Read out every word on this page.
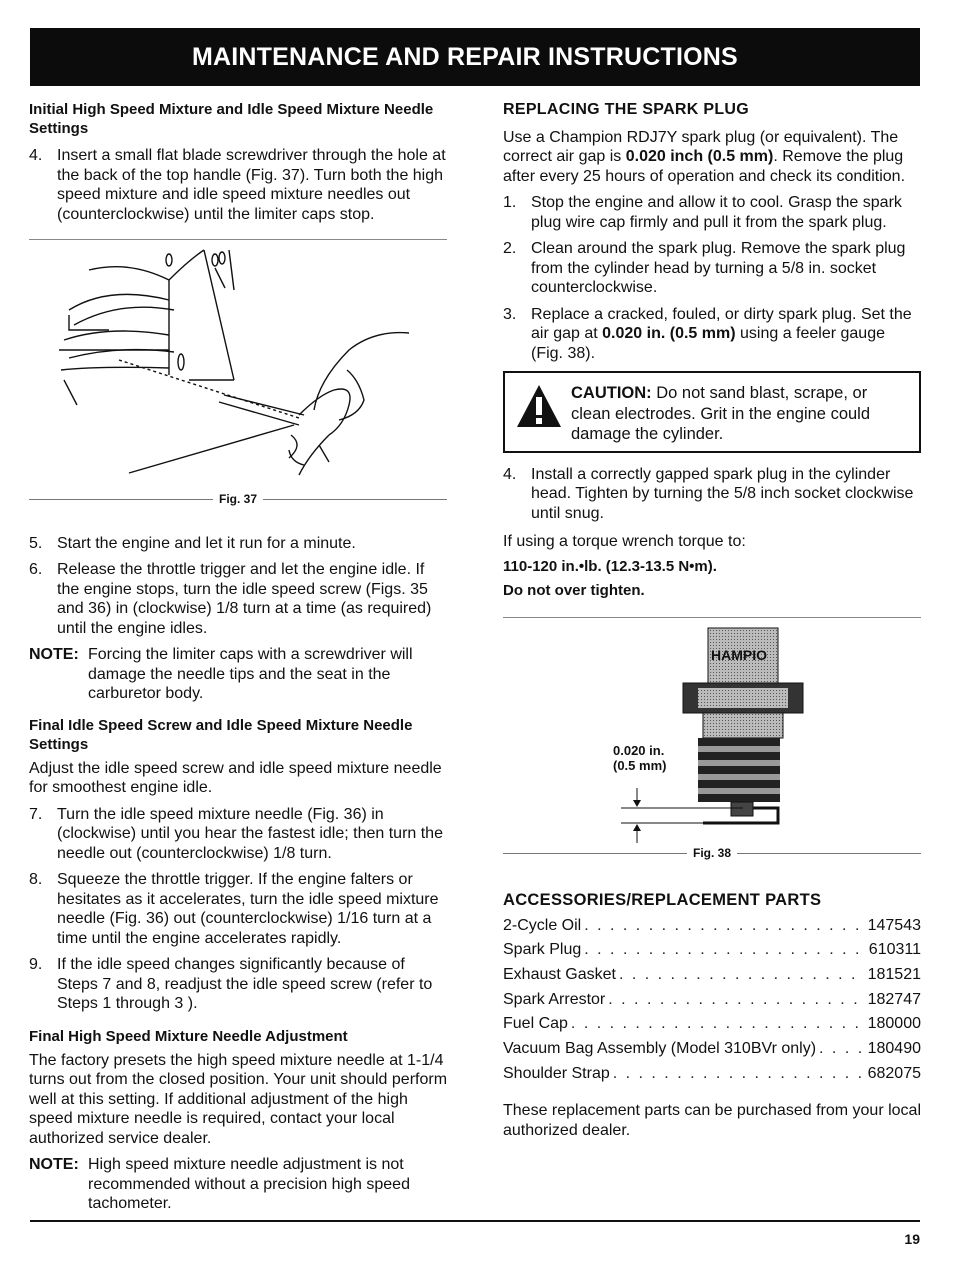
MAINTENANCE AND REPAIR INSTRUCTIONS

Initial High Speed Mixture and Idle Speed Mixture Needle Settings

4. Insert a small flat blade screwdriver through the hole at the back of the top handle (Fig. 37). Turn both the high speed mixture and idle speed mixture needles out (counterclockwise) until the limiter caps stop.
Fig. 37
5. Start the engine and let it run for a minute.
6. Release the throttle trigger and let the engine idle. If the engine stops, turn the idle speed screw (Figs. 35 and 36) in (clockwise) 1/8 turn at a time (as required) until the engine idles.
NOTE: Forcing the limiter caps with a screwdriver will damage the needle tips and the seat in the carburetor body.

Final Idle Speed Screw and Idle Speed Mixture Needle Settings

Adjust the idle speed screw and idle speed mixture needle for smoothest engine idle.

7. Turn the idle speed mixture needle (Fig. 36) in (clockwise) until you hear the fastest idle; then turn the needle out (counterclockwise) 1/8 turn.
8. Squeeze the throttle trigger. If the engine falters or hesitates as it accelerates, turn the idle speed mixture needle (Fig. 36) out (counterclockwise) 1/16 turn at a time until the engine accelerates rapidly.
9. If the idle speed changes significantly because of Steps 7 and 8, readjust the idle speed screw (refer to Steps 1 through 3 ).

Final High Speed Mixture Needle Adjustment

The factory presets the high speed mixture needle at 1-1/4 turns out from the closed position. Your unit should perform well at this setting. If additional adjustment of the high speed mixture needle is required, contact your local authorized service dealer.

NOTE: High speed mixture needle adjustment is not recommended without a precision high speed tachometer.

REPLACING THE SPARK PLUG

Use a Champion RDJ7Y spark plug (or equivalent). The correct air gap is 0.020 inch (0.5 mm). Remove the plug after every 25 hours of operation and check its condition.

1. Stop the engine and allow it to cool. Grasp the spark plug wire cap firmly and pull it from the spark plug.
2. Clean around the spark plug. Remove the spark plug from the cylinder head by turning a 5/8 in. socket counterclockwise.
3. Replace a cracked, fouled, or dirty spark plug. Set the air gap at 0.020 in. (0.5 mm) using a feeler gauge (Fig. 38).
CAUTION: Do not sand blast, scrape, or clean electrodes. Grit in the engine could damage the cylinder.
4. Install a correctly gapped spark plug in the cylinder head. Tighten by turning the 5/8 inch socket clockwise until snug.

If using a torque wrench torque to:

110-120 in.•lb. (12.3-13.5 N•m).

Do not over tighten.

HAMPIO
0.020 in.
(0.5 mm)
Fig. 38

ACCESSORIES/REPLACEMENT PARTS

2-Cycle Oil . . .	147543
Spark Plug . . .	610311
Exhaust Gasket . . .	181521
Spark Arrestor . . .	182747
Fuel Cap . . .	180000
Vacuum Bag Assembly (Model 310BVr only) . . .	180490
Shoulder Strap . . .	682075

These replacement parts can be purchased from your local authorized dealer.

19
